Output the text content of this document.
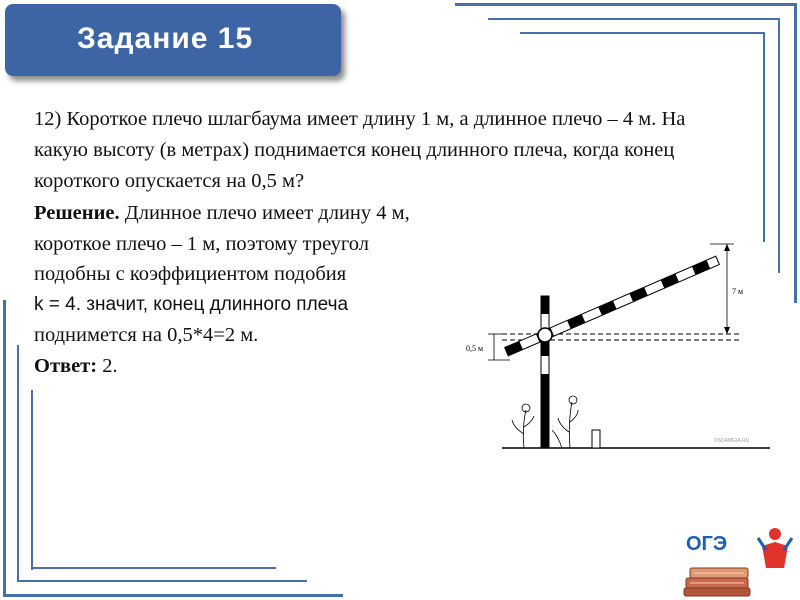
Задание 15
12) Короткое плечо шлагбаума имеет длину 1 м, а длинное плечо – 4 м. На какую высоту (в метрах) поднимается конец длинного плеча, когда конец короткого опускается на 0,5 м?
Решение. Длинное плечо имеет длину 4 м,
короткое плечо – 1 м, поэтому треугол
подобны с коэффициентом подобия
k = 4. значит, конец длинного плеча
поднимется на 0,5*4=2 м.
Ответ: 2.
7 м
0,5 м
©SDAMGIA.RU
ОГЭ
